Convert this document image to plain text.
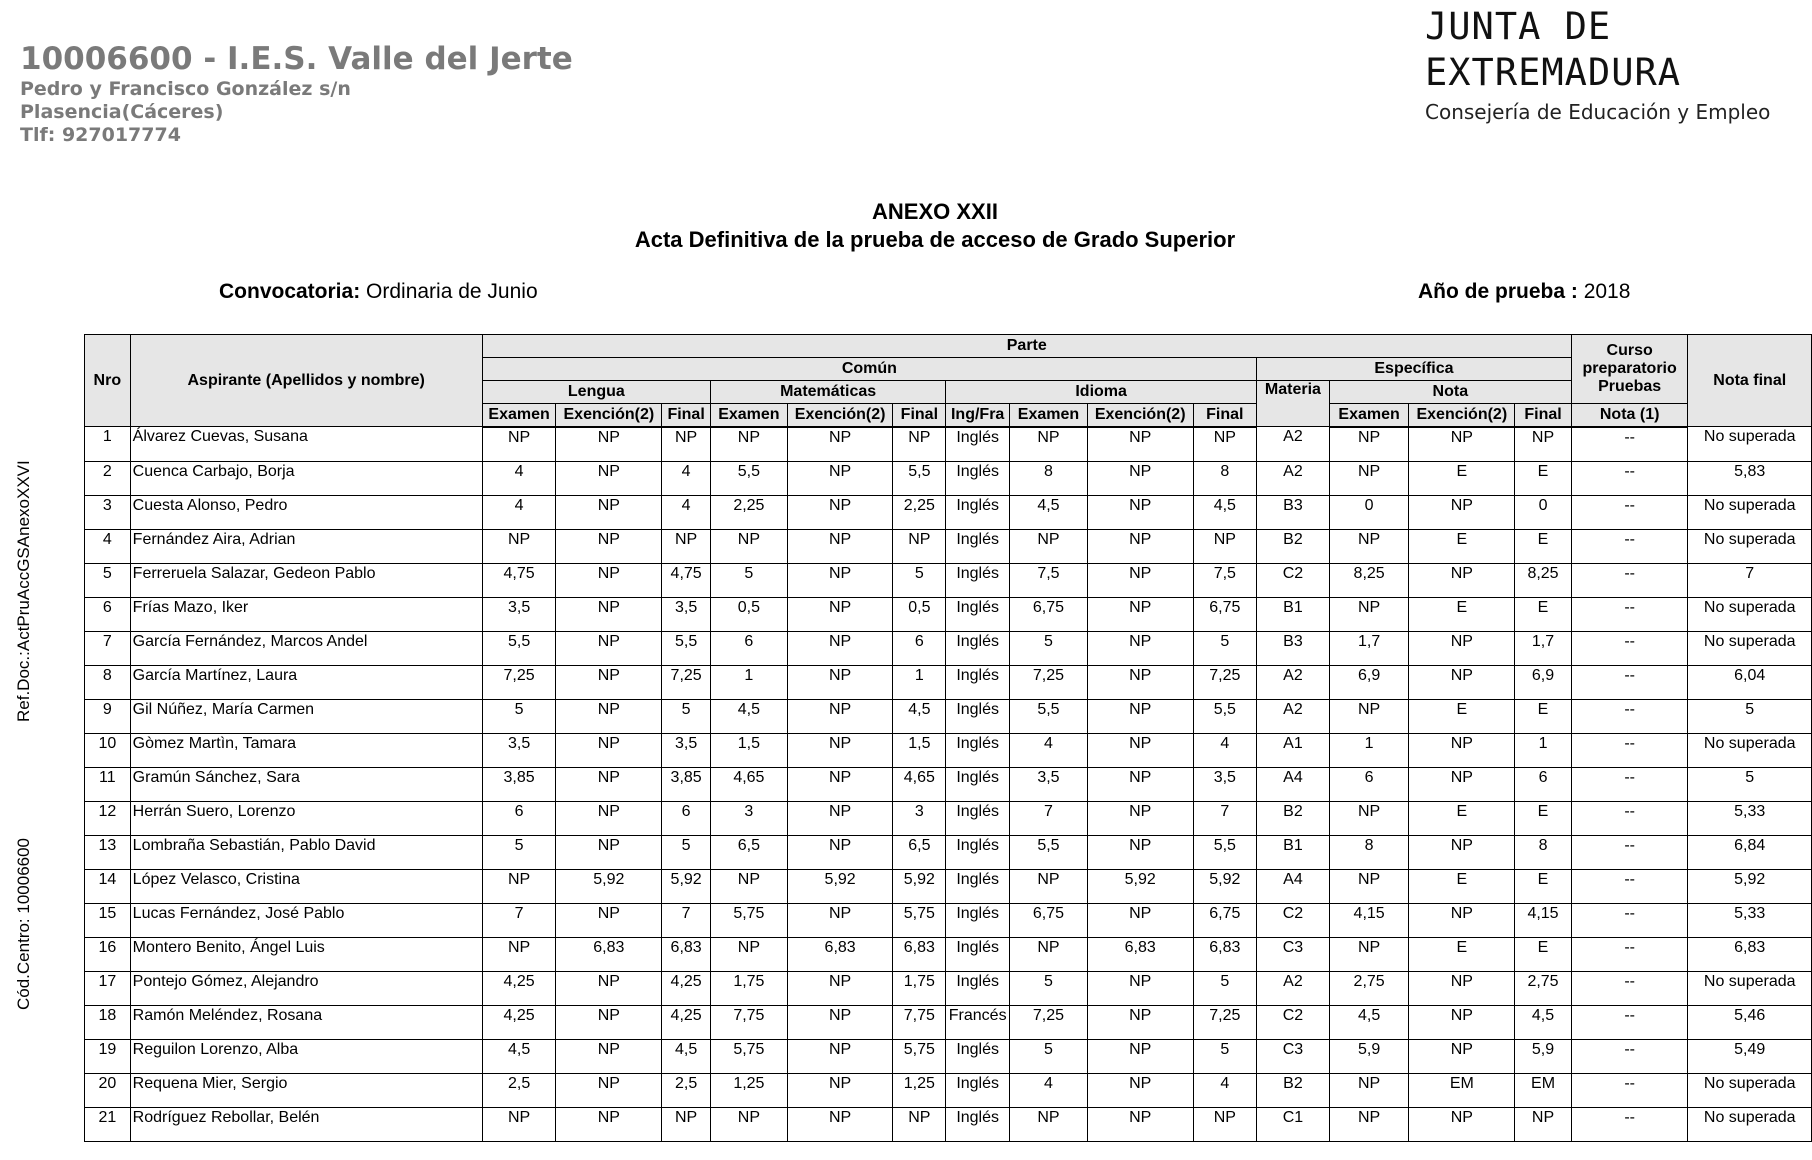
10006600 - I.E.S. Valle del Jerte
Pedro y Francisco González s/n
Plasencia(Cáceres)
Tlf: 927017774
JUNTA DE EXTREMADURA
Consejería de Educación y Empleo
ANEXO XXII
Acta Definitiva de la prueba de acceso de Grado Superior
Convocatoria: Ordinaria de Junio	Año de prueba : 2018
Ref.Doc.:ActPruAccGSAnexoXXVI
Cód.Centro: 10006600
Nro	Aspirante (Apellidos y nombre)	Parte														Curso preparatorio Pruebas	Nota final
		Común										Específica					
		Lengua			Matemáticas			Idioma				Materia	Nota				
		Examen	Exención(2)	Final	Examen	Exención(2)	Final	Ing/Fra	Examen	Exención(2)	Final		Examen	Exención(2)	Final	Nota (1)	
1	Álvarez Cuevas, Susana	NP	NP	NP	NP	NP	NP	Inglés	NP	NP	NP	A2	NP	NP	NP	--	No superada
2	Cuenca Carbajo, Borja	4	NP	4	5,5	NP	5,5	Inglés	8	NP	8	A2	NP	E	E	--	5,83
3	Cuesta Alonso, Pedro	4	NP	4	2,25	NP	2,25	Inglés	4,5	NP	4,5	B3	0	NP	0	--	No superada
4	Fernández Aira, Adrian	NP	NP	NP	NP	NP	NP	Inglés	NP	NP	NP	B2	NP	E	E	--	No superada
5	Ferreruela Salazar, Gedeon Pablo	4,75	NP	4,75	5	NP	5	Inglés	7,5	NP	7,5	C2	8,25	NP	8,25	--	7
6	Frías Mazo, Iker	3,5	NP	3,5	0,5	NP	0,5	Inglés	6,75	NP	6,75	B1	NP	E	E	--	No superada
7	García Fernández, Marcos Andel	5,5	NP	5,5	6	NP	6	Inglés	5	NP	5	B3	1,7	NP	1,7	--	No superada
8	García Martínez, Laura	7,25	NP	7,25	1	NP	1	Inglés	7,25	NP	7,25	A2	6,9	NP	6,9	--	6,04
9	Gil Núñez, María Carmen	5	NP	5	4,5	NP	4,5	Inglés	5,5	NP	5,5	A2	NP	E	E	--	5
10	Gòmez Martìn, Tamara	3,5	NP	3,5	1,5	NP	1,5	Inglés	4	NP	4	A1	1	NP	1	--	No superada
11	Gramún Sánchez, Sara	3,85	NP	3,85	4,65	NP	4,65	Inglés	3,5	NP	3,5	A4	6	NP	6	--	5
12	Herrán Suero, Lorenzo	6	NP	6	3	NP	3	Inglés	7	NP	7	B2	NP	E	E	--	5,33
13	Lombraña Sebastián, Pablo David	5	NP	5	6,5	NP	6,5	Inglés	5,5	NP	5,5	B1	8	NP	8	--	6,84
14	López Velasco, Cristina	NP	5,92	5,92	NP	5,92	5,92	Inglés	NP	5,92	5,92	A4	NP	E	E	--	5,92
15	Lucas Fernández, José Pablo	7	NP	7	5,75	NP	5,75	Inglés	6,75	NP	6,75	C2	4,15	NP	4,15	--	5,33
16	Montero Benito, Ángel Luis	NP	6,83	6,83	NP	6,83	6,83	Inglés	NP	6,83	6,83	C3	NP	E	E	--	6,83
17	Pontejo Gómez, Alejandro	4,25	NP	4,25	1,75	NP	1,75	Inglés	5	NP	5	A2	2,75	NP	2,75	--	No superada
18	Ramón Meléndez, Rosana	4,25	NP	4,25	7,75	NP	7,75	Francés	7,25	NP	7,25	C2	4,5	NP	4,5	--	5,46
19	Reguilon Lorenzo, Alba	4,5	NP	4,5	5,75	NP	5,75	Inglés	5	NP	5	C3	5,9	NP	5,9	--	5,49
20	Requena Mier, Sergio	2,5	NP	2,5	1,25	NP	1,25	Inglés	4	NP	4	B2	NP	EM	EM	--	No superada
21	Rodríguez Rebollar, Belén	NP	NP	NP	NP	NP	NP	Inglés	NP	NP	NP	C1	NP	NP	NP	--	No superada
